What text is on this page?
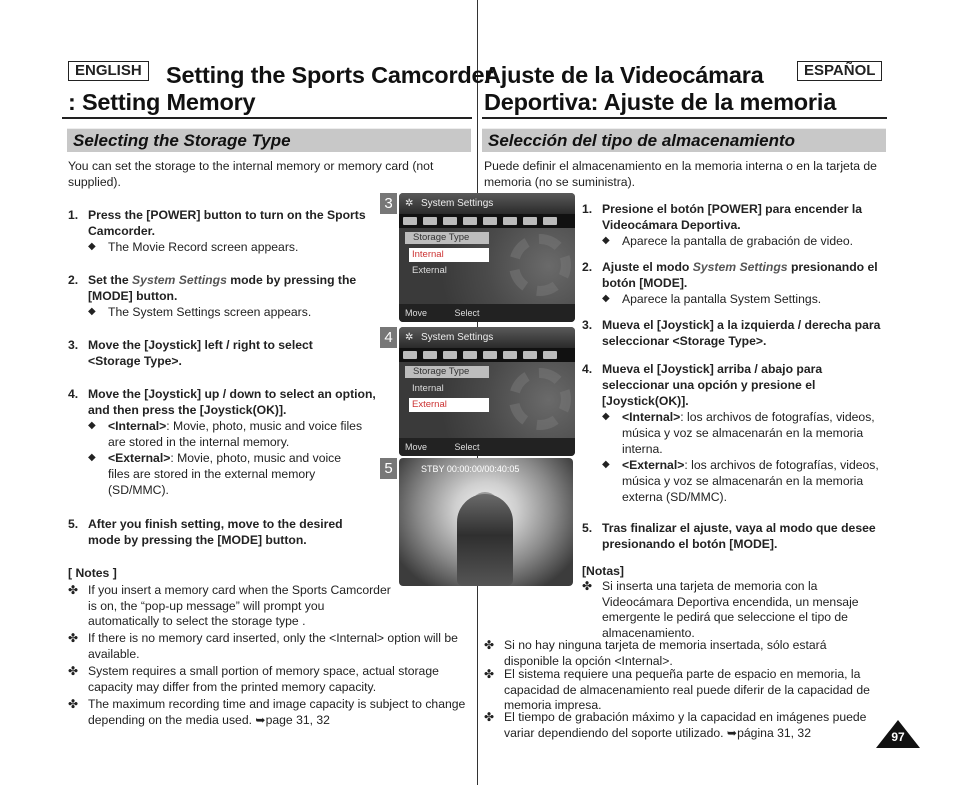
ENGLISH Setting the Sports Camcorder
: Setting Memory
ESPAÑOL
Ajuste de la Videocámara
Deportiva: Ajuste de la memoria
Selecting the Storage Type	Selección del tipo de almacenamiento
You can set the storage to the internal memory or memory card (not supplied).
1. Press the [POWER] button to turn on the Sports Camcorder.
◆ The Movie Record screen appears.
2. Set the System Settings mode by pressing the [MODE] button.
◆ The System Settings screen appears.
3. Move the [Joystick] left / right to select <Storage Type>.
4. Move the [Joystick] up / down to select an option, and then press the [Joystick(OK)].
◆ <Internal>: Movie, photo, music and voice files are stored in the internal memory.
◆ <External>: Movie, photo, music and voice files are stored in the external memory (SD/MMC).
5. After you finish setting, move to the desired mode by pressing the [MODE] button.
[ Notes ]
✤ If you insert a memory card when the Sports Camcorder is on, the “pop-up message” will prompt you automatically to select the storage type .
✤ If there is no memory card inserted, only the <Internal> option will be available.
✤ System requires a small portion of memory space, actual storage capacity may differ from the printed memory capacity.
✤ The maximum recording time and image capacity is subject to change depending on the media used. ➥page 31, 32
3	✲ System Settings
Storage Type
Internal
External
Move	Select
4	✲ System Settings
Storage Type
Internal
External
Move	Select
5	STBY 00:00:00/00:40:05
Puede definir el almacenamiento en la memoria interna o en la tarjeta de memoria (no se suministra).
1. Presione el botón [POWER] para encender la Videocámara Deportiva.
◆ Aparece la pantalla de grabación de video.
2. Ajuste el modo System Settings presionando el botón [MODE].
◆ Aparece la pantalla System Settings.
3. Mueva el [Joystick] a la izquierda / derecha para seleccionar <Storage Type>.
4. Mueva el [Joystick] arriba / abajo para seleccionar una opción y presione el [Joystick(OK)].
◆ <Internal>: los archivos de fotografías, videos, música y voz se almacenarán en la memoria interna.
◆ <External>: los archivos de fotografías, videos, música y voz se almacenarán en la memoria externa (SD/MMC).
5. Tras finalizar el ajuste, vaya al modo que desee presionando el botón [MODE].
[Notas]
✤ Si inserta una tarjeta de memoria con la Videocámara Deportiva encendida, un mensaje emergente le pedirá que seleccione el tipo de almacenamiento.
✤ Si no hay ninguna tarjeta de memoria insertada, sólo estará disponible la opción <Internal>.
✤ El sistema requiere una pequeña parte de espacio en memoria, la capacidad de almacenamiento real puede diferir de la capacidad de memoria impresa.
✤ El tiempo de grabación máximo y la capacidad en imágenes puede variar dependiendo del soporte utilizado. ➥página 31, 32	97
